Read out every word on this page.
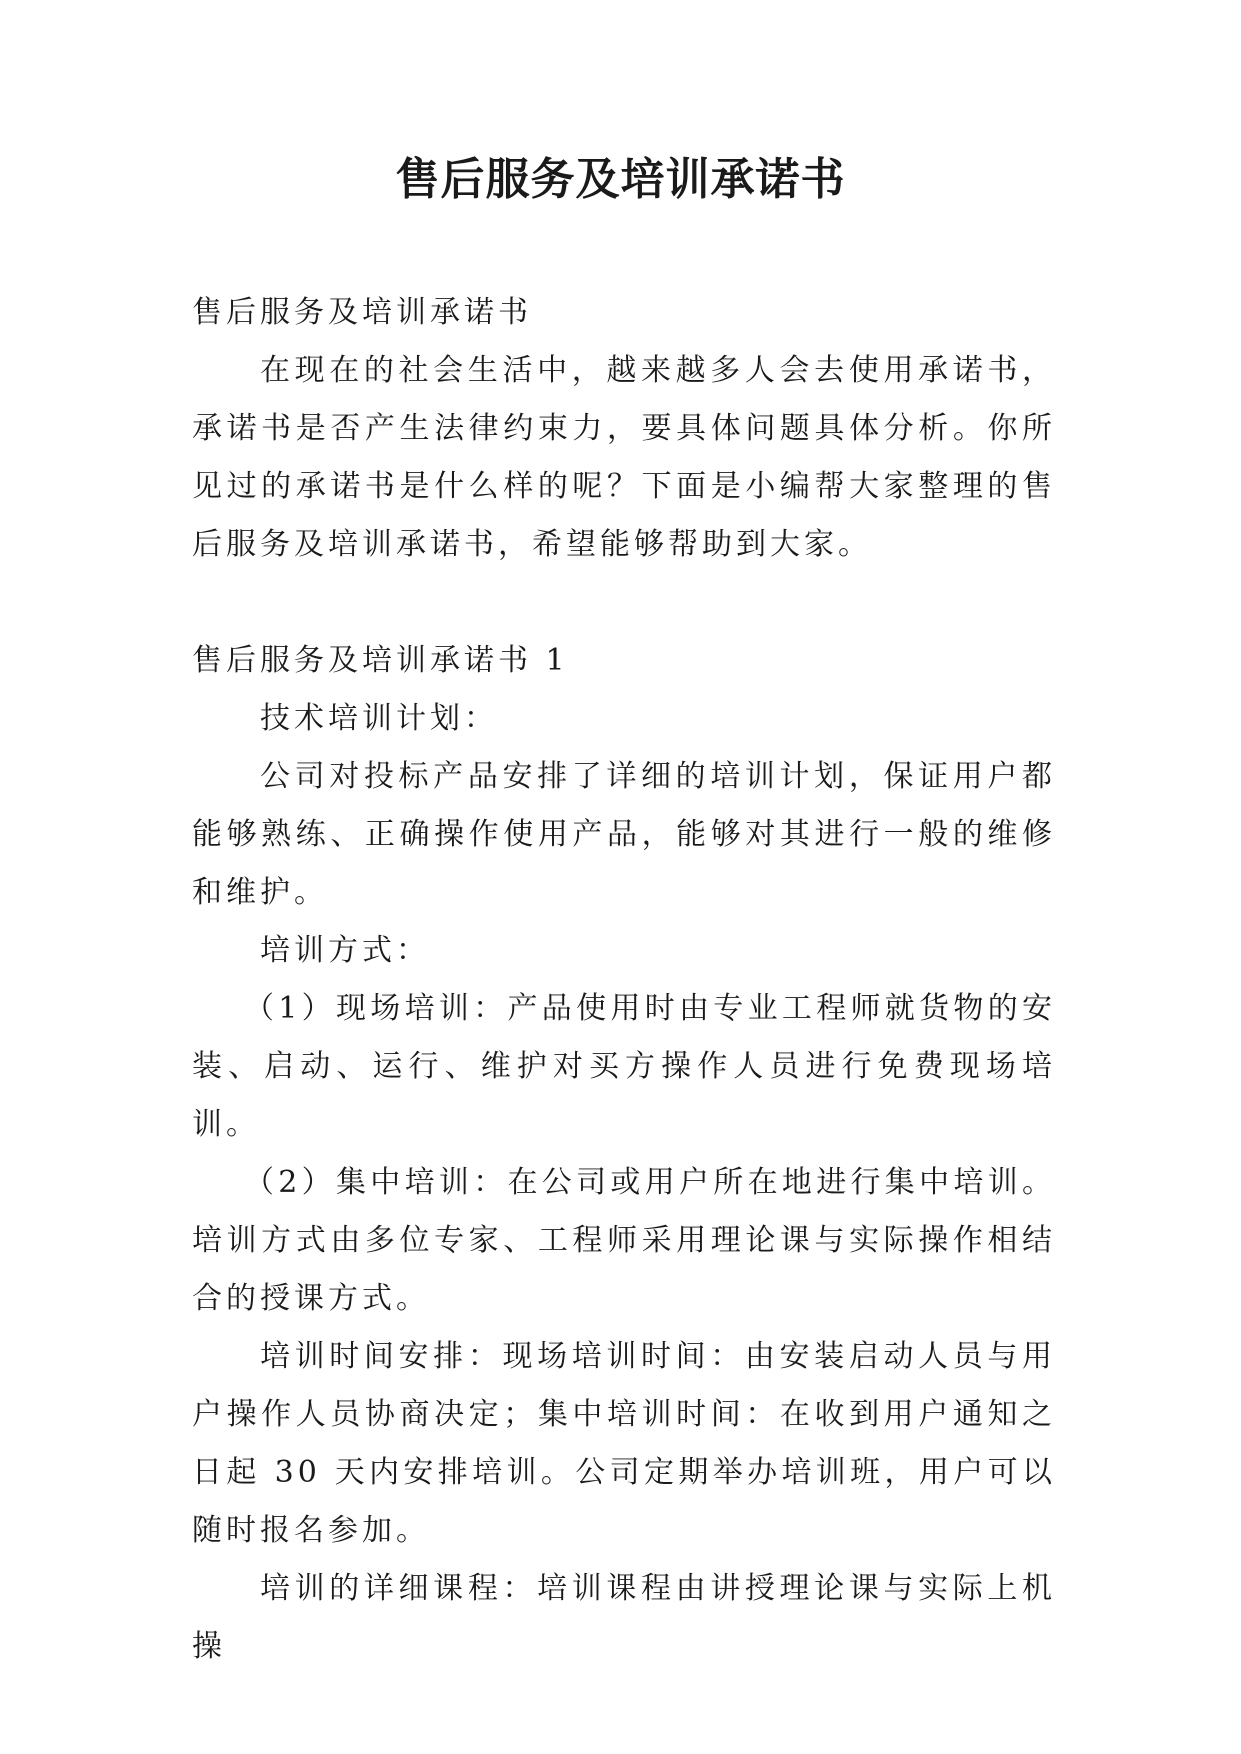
售后服务及培训承诺书

售后服务及培训承诺书

在现在的社会生活中，越来越多人会去使用承诺书，承诺书是否产生法律约束力，要具体问题具体分析。你所见过的承诺书是什么样的呢？下面是小编帮大家整理的售后服务及培训承诺书，希望能够帮助到大家。

售后服务及培训承诺书 1

技术培训计划：

公司对投标产品安排了详细的培训计划，保证用户都能够熟练、正确操作使用产品，能够对其进行一般的维修和维护。

培训方式：

（1）现场培训：产品使用时由专业工程师就货物的安装、启动、运行、维护对买方操作人员进行免费现场培训。

（2）集中培训：在公司或用户所在地进行集中培训。培训方式由多位专家、工程师采用理论课与实际操作相结合的授课方式。

培训时间安排：现场培训时间：由安装启动人员与用户操作人员协商决定；集中培训时间：在收到用户通知之日起 30 天内安排培训。公司定期举办培训班，用户可以随时报名参加。

培训的详细课程：培训课程由讲授理论课与实际上机操
